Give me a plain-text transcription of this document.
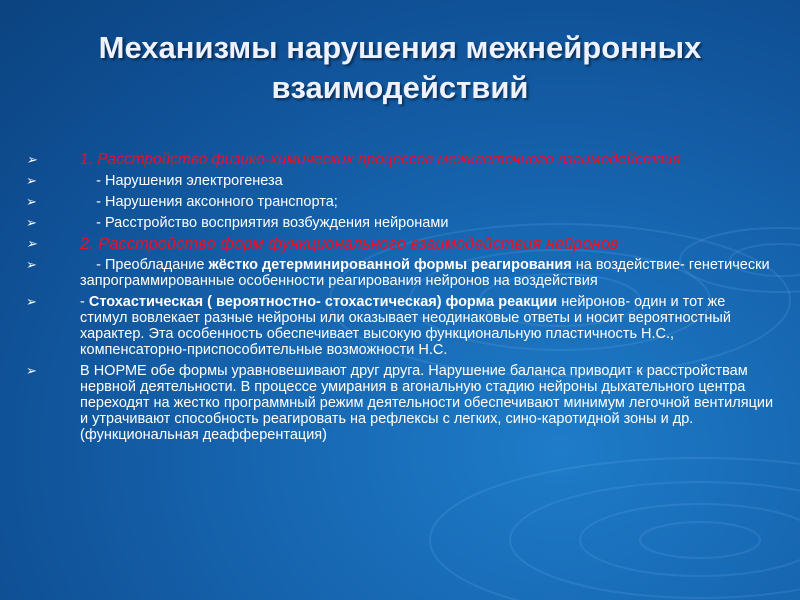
Механизмы нарушения межнейронных взаимодействий
➢	1. Расстройство физико-химических процессов межклеточного взаимодействия
➢	- Нарушения электрогенеза
➢	- Нарушения аксонного транспорта;
➢	- Расстройство восприятия возбуждения нейронами
➢	2. Расстройство форм функционального взаимодействия нейронов
➢	- Преобладание жёстко детерминированной формы реагирования на воздействие- генетически запрограммированные особенности реагирования нейронов на воздействия
➢	- Стохастическая ( вероятностно- стохастическая) форма реакции нейронов- один и тот же стимул вовлекает разные нейроны или оказывает неодинаковые ответы и носит вероятностный характер. Эта особенность обеспечивает высокую функциональную пластичность Н.С., компенсаторно-приспособительные возможности Н.С.
➢	В НОРМЕ обе формы уравновешивают друг друга. Нарушение баланса приводит к расстройствам нервной деятельности. В процессе умирания в агональную стадию нейроны дыхательного центра переходят на жестко программный режим деятельности обеспечивают минимум легочной вентиляции и утрачивают способность реагировать на рефлексы с легких, сино-каротидной зоны и др.(функциональная деафферентация)
